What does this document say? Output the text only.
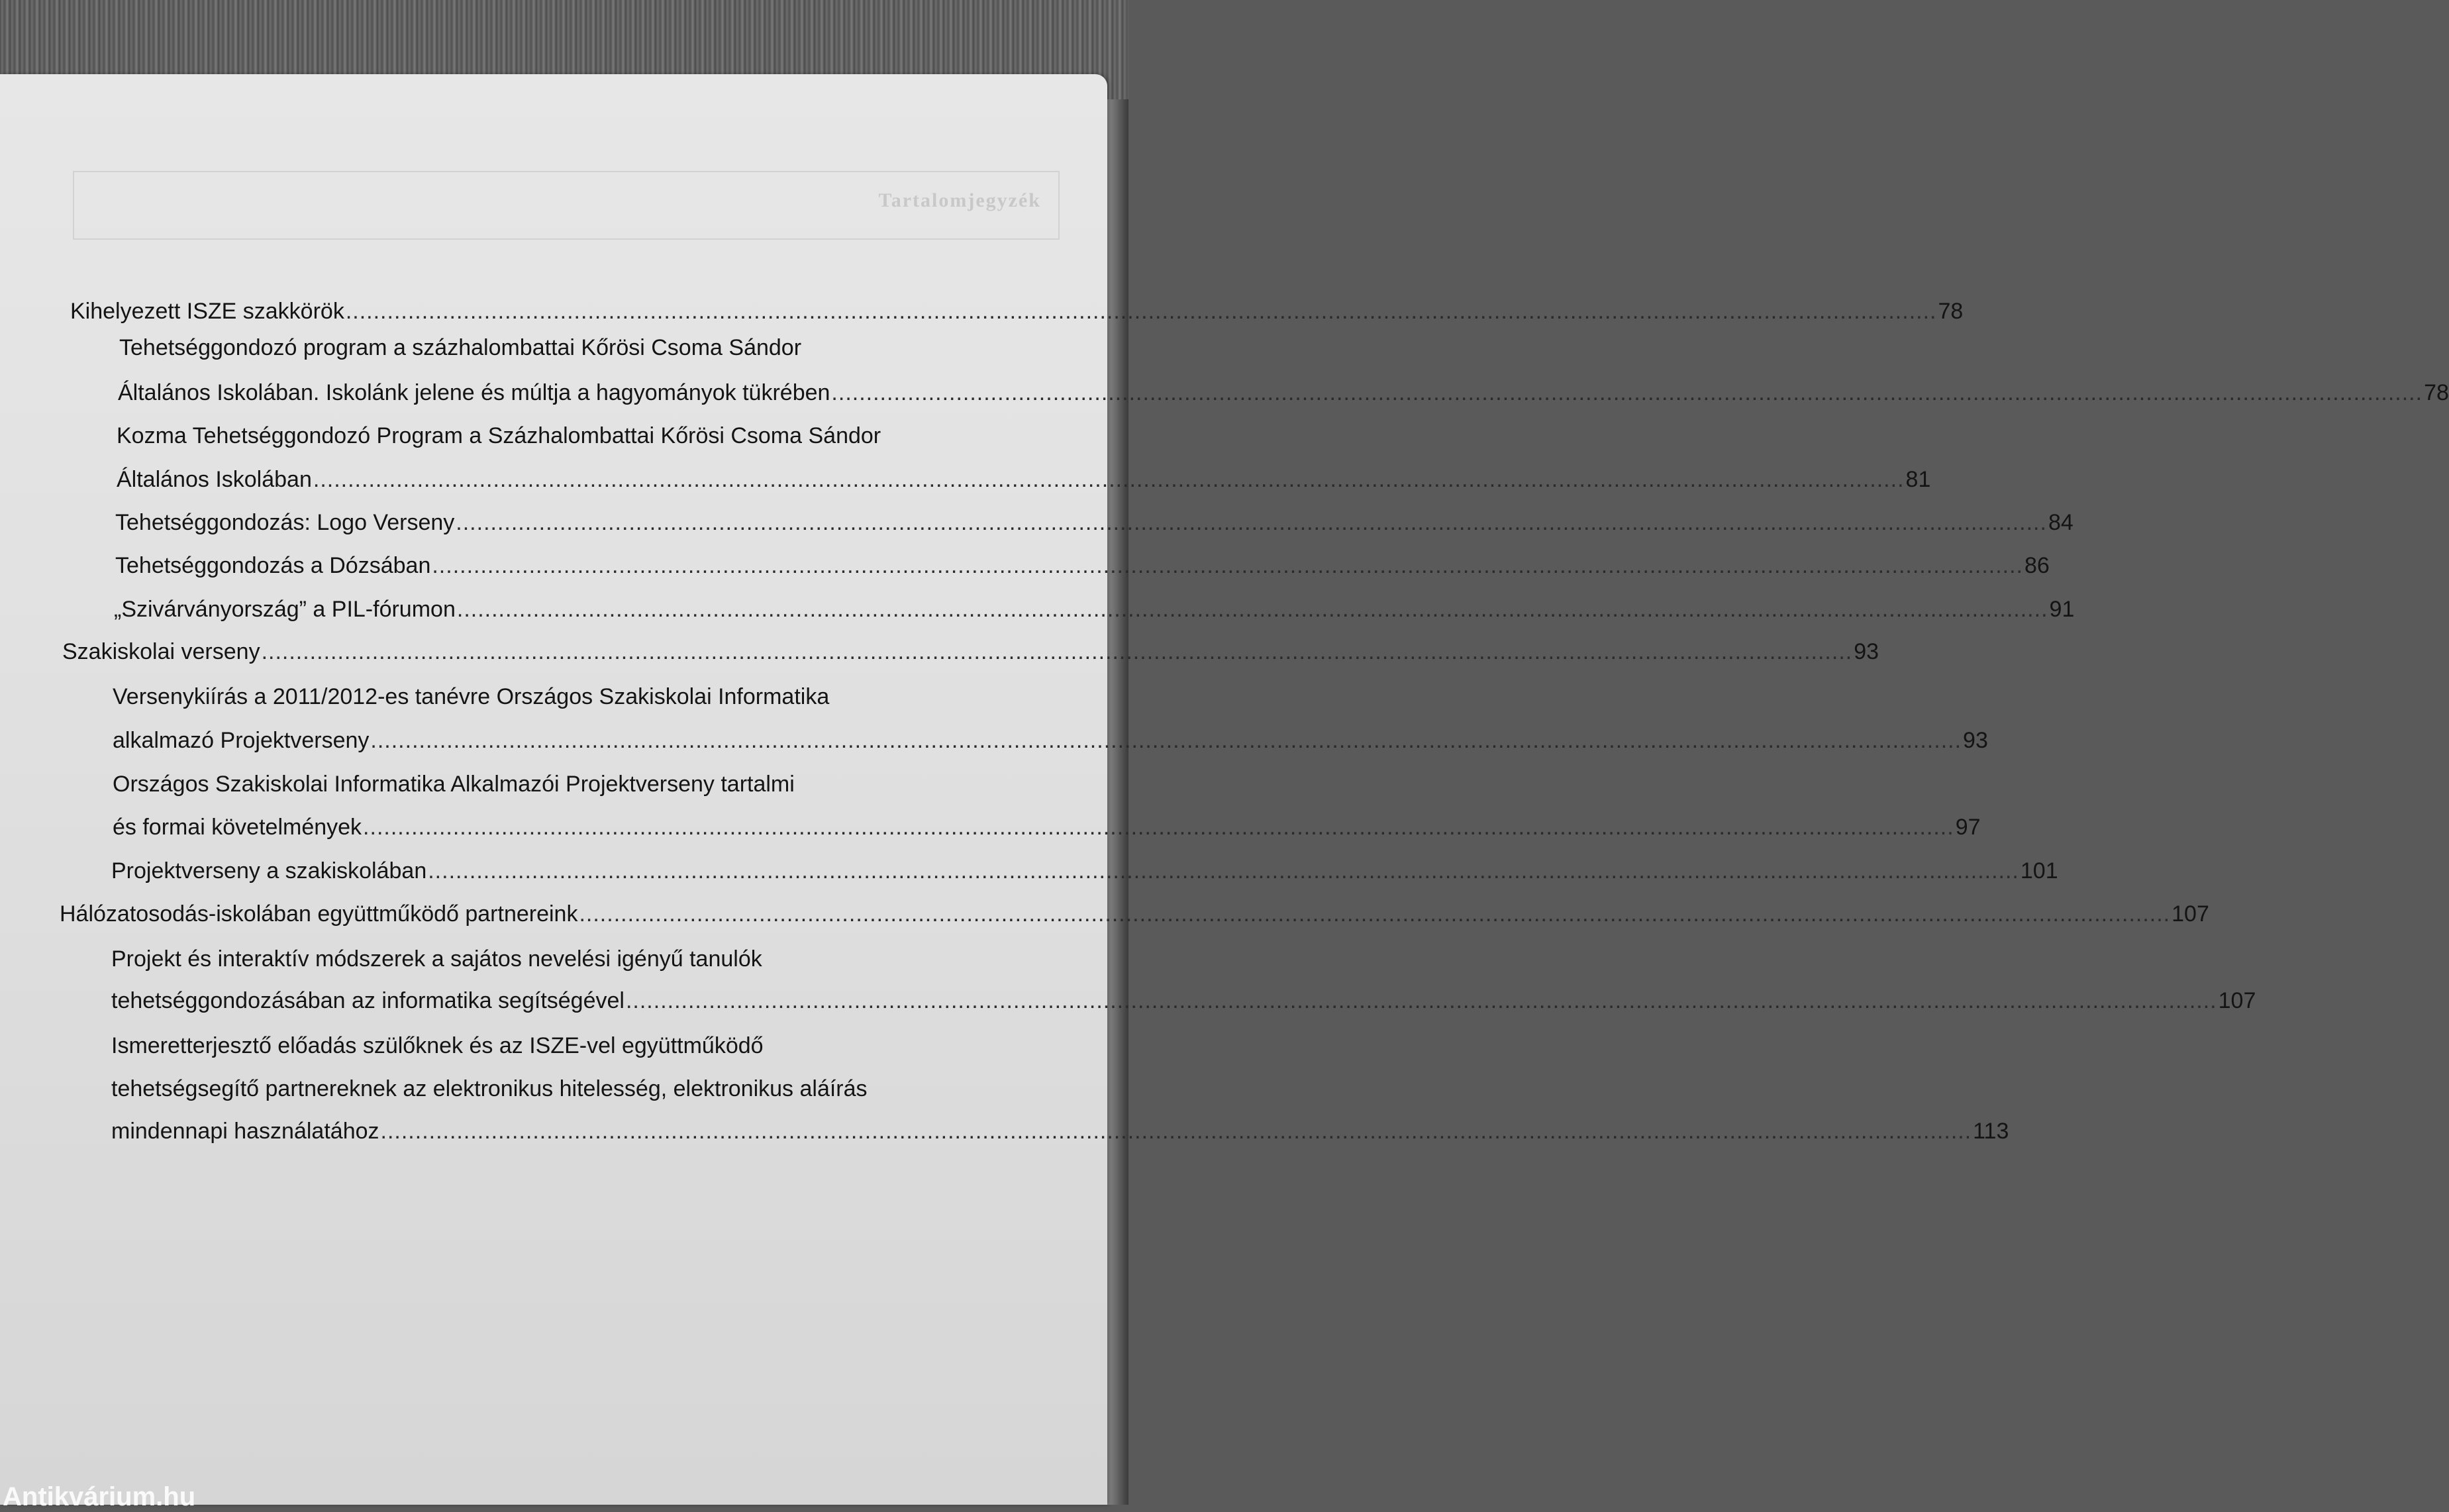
Tartalomjegyzék
Kihelyezett ISZE szakkörök ...................................................................................................................................................................................................................................... 78
Tehetséggondozó program a százhalombattai Kőrösi Csoma Sándor
Általános Iskolában. Iskolánk jelene és múltja a hagyományok tükrében ...................................................................................................................................................................................................................................... 78
Kozma Tehetséggondozó Program a Százhalombattai Kőrösi Csoma Sándor
Általános Iskolában ...................................................................................................................................................................................................................................... 81
Tehetséggondozás: Logo Verseny ...................................................................................................................................................................................................................................... 84
Tehetséggondozás a Dózsában ...................................................................................................................................................................................................................................... 86
„Szivárványország” a PIL-fórumon ...................................................................................................................................................................................................................................... 91
Szakiskolai verseny ...................................................................................................................................................................................................................................... 93
Versenykiírás a 2011/2012-es tanévre Országos Szakiskolai Informatika
alkalmazó Projektverseny ...................................................................................................................................................................................................................................... 93
Országos Szakiskolai Informatika Alkalmazói Projektverseny tartalmi
és formai követelmények ...................................................................................................................................................................................................................................... 97
Projektverseny a szakiskolában ...................................................................................................................................................................................................................................... 101
Hálózatosodás-iskolában együttműködő partnereink ...................................................................................................................................................................................................................................... 107
Projekt és interaktív módszerek a sajátos nevelési igényű tanulók
tehetséggondozásában az informatika segítségével ...................................................................................................................................................................................................................................... 107
Ismeretterjesztő előadás szülőknek és az ISZE-vel együttműködő
tehetségsegítő partnereknek az elektronikus hitelesség, elektronikus aláírás
mindennapi használatához ...................................................................................................................................................................................................................................... 113
Antikvárium.hu
